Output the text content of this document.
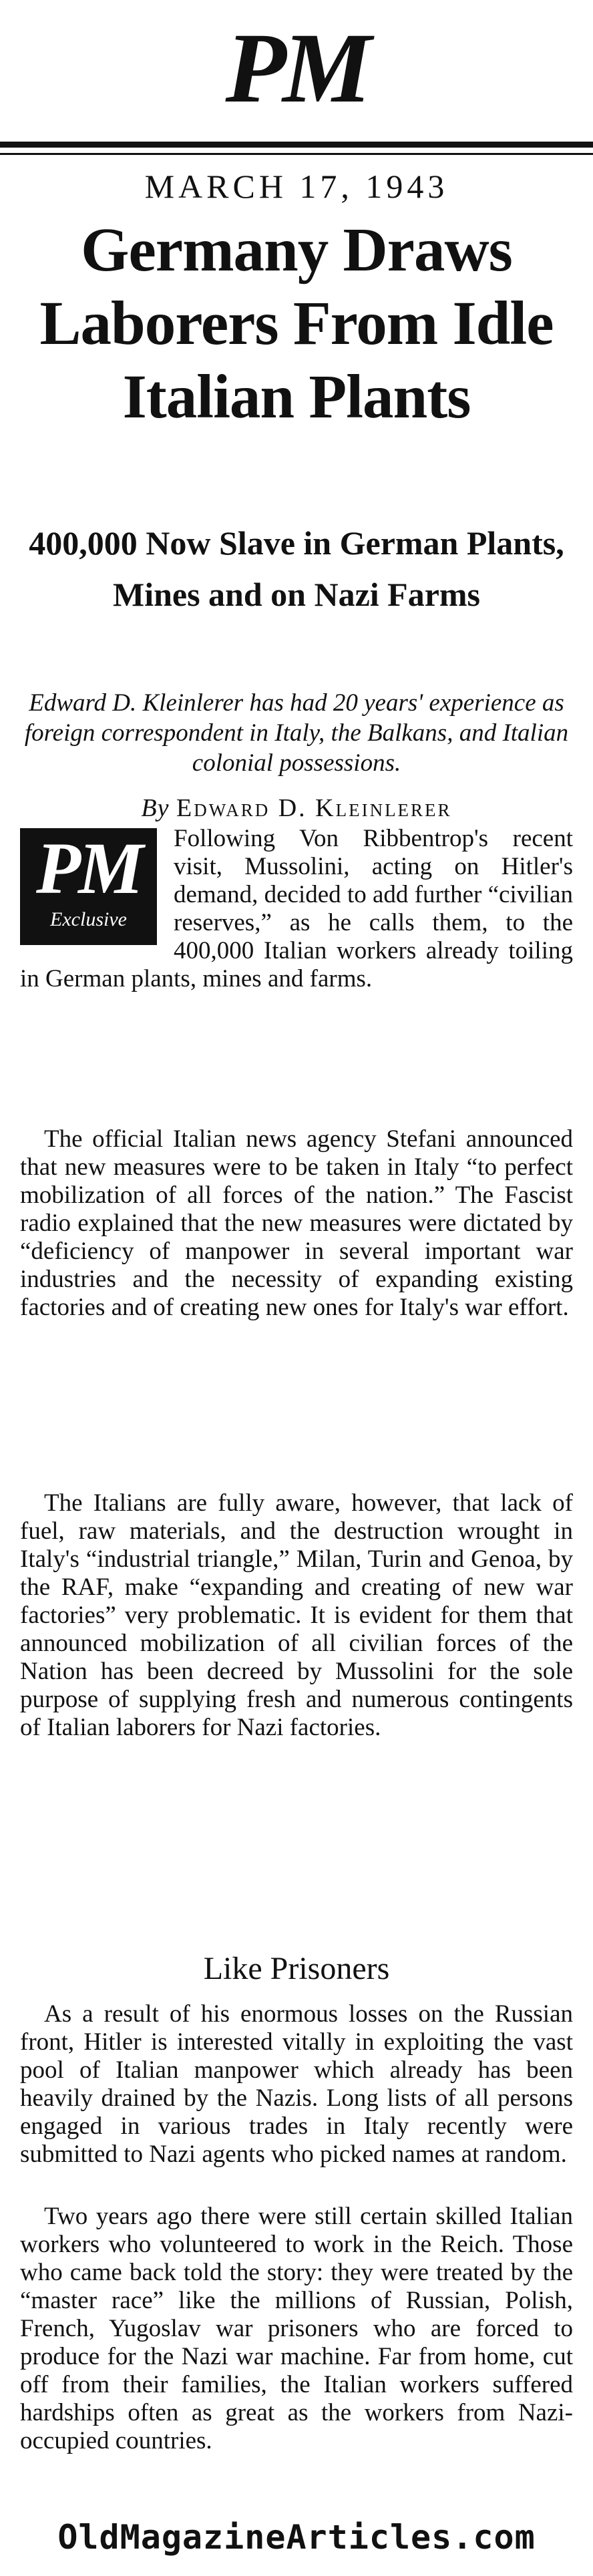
PM
MARCH 17, 1943
Germany Draws Laborers From Idle Italian Plants
400,000 Now Slave in German Plants, Mines and on Nazi Farms

Edward D. Kleinlerer has had 20 years' experience as foreign correspondent in Italy, the Balkans, and Italian colonial possessions.

By Edward D. Kleinlerer
PM
Exclusive

Following Von Ribbentrop's recent visit, Mussolini, acting on Hitler's demand, decided to add further “civilian reserves,” as he calls them, to the 400,000 Italian workers already toiling in German plants, mines and farms.

The official Italian news agency Stefani announced that new measures were to be taken in Italy “to perfect mobilization of all forces of the nation.” The Fascist radio explained that the new measures were dictated by “deficiency of manpower in several important war industries and the necessity of expanding existing factories and of creating new ones for Italy's war effort.

The Italians are fully aware, however, that lack of fuel, raw materials, and the destruction wrought in Italy's “industrial triangle,” Milan, Turin and Genoa, by the RAF, make “expanding and creating of new war factories” very problematic. It is evident for them that announced mobilization of all civilian forces of the Nation has been decreed by Mussolini for the sole purpose of supplying fresh and numerous contingents of Italian laborers for Nazi factories.

Like Prisoners

As a result of his enormous losses on the Russian front, Hitler is interested vitally in exploiting the vast pool of Italian manpower which already has been heavily drained by the Nazis. Long lists of all persons engaged in various trades in Italy recently were submitted to Nazi agents who picked names at random.

Two years ago there were still certain skilled Italian workers who volunteered to work in the Reich. Those who came back told the story: they were treated by the “master race” like the millions of Russian, Polish, French, Yugoslav war prisoners who are forced to produce for the Nazi war machine. Far from home, cut off from their families, the Italian workers suffered hardships often as great as the workers from Nazi-occupied countries.

OldMagazineArticles.com
